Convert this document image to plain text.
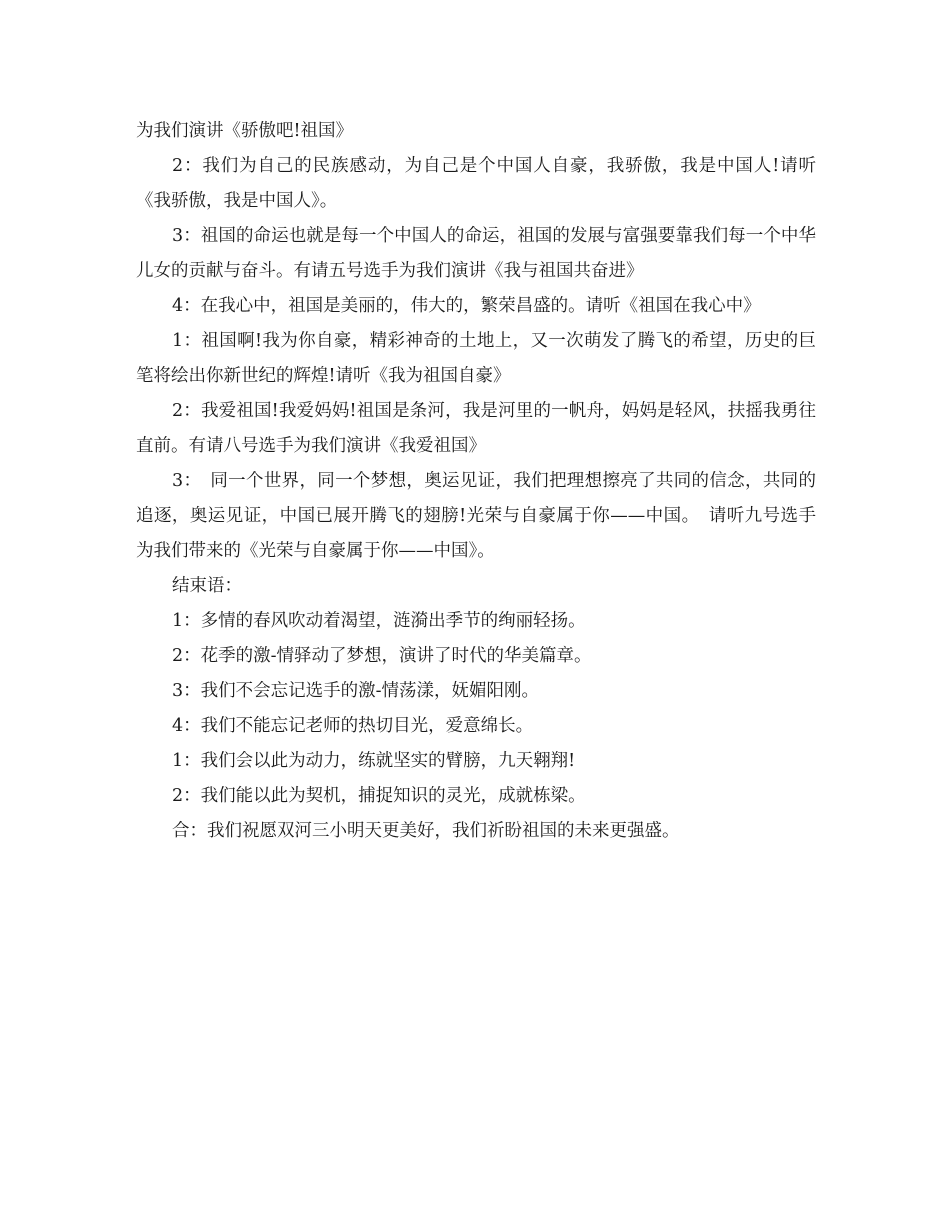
为我们演讲《骄傲吧!祖国》

2：我们为自己的民族感动，为自己是个中国人自豪，我骄傲，我是中国人!请听《我骄傲，我是中国人》。

3：祖国的命运也就是每一个中国人的命运，祖国的发展与富强要靠我们每一个中华儿女的贡献与奋斗。有请五号选手为我们演讲《我与祖国共奋进》

4：在我心中，祖国是美丽的，伟大的，繁荣昌盛的。请听《祖国在我心中》

1：祖国啊!我为你自豪，精彩神奇的土地上，又一次萌发了腾飞的希望，历史的巨笔将绘出你新世纪的辉煌!请听《我为祖国自豪》

2：我爱祖国!我爱妈妈!祖国是条河，我是河里的一帆舟，妈妈是轻风，扶摇我勇往直前。有请八号选手为我们演讲《我爱祖国》

3：　同一个世界，同一个梦想，奥运见证，我们把理想擦亮了共同的信念，共同的追逐，奥运见证，中国已展开腾飞的翅膀!光荣与自豪属于你——中国。　请听九号选手为我们带来的《光荣与自豪属于你——中国》。

结束语：

1：多情的春风吹动着渴望，涟漪出季节的绚丽轻扬。

2：花季的激-情驿动了梦想，演讲了时代的华美篇章。

3：我们不会忘记选手的激-情荡漾，妩媚阳刚。

4：我们不能忘记老师的热切目光，爱意绵长。

1：我们会以此为动力，练就坚实的臂膀，九天翱翔!

2：我们能以此为契机，捕捉知识的灵光，成就栋梁。

合：我们祝愿双河三小明天更美好，我们祈盼祖国的未来更强盛。
